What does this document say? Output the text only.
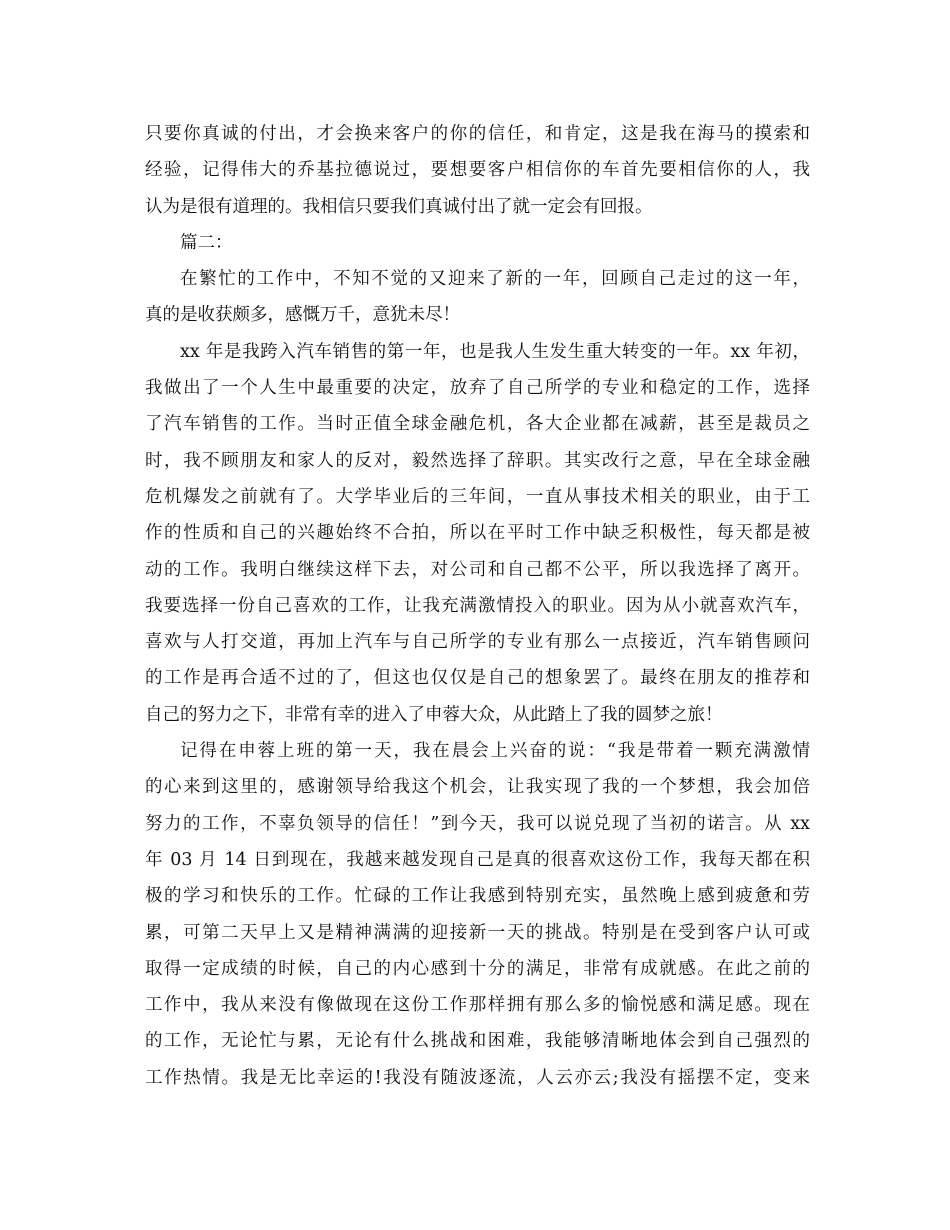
只要你真诚的付出，才会换来客户的你的信任，和肯定，这是我在海马的摸索和
经验，记得伟大的乔基拉德说过，要想要客户相信你的车首先要相信你的人，我
认为是很有道理的。我相信只要我们真诚付出了就一定会有回报。
篇二：
在繁忙的工作中，不知不觉的又迎来了新的一年，回顾自己走过的这一年，
真的是收获颇多，感慨万千，意犹未尽！
xx 年是我跨入汽车销售的第一年，也是我人生发生重大转变的一年。xx 年初，
我做出了一个人生中最重要的决定，放弃了自己所学的专业和稳定的工作，选择
了汽车销售的工作。当时正值全球金融危机，各大企业都在减薪，甚至是裁员之
时，我不顾朋友和家人的反对，毅然选择了辞职。其实改行之意，早在全球金融
危机爆发之前就有了。大学毕业后的三年间，一直从事技术相关的职业，由于工
作的性质和自己的兴趣始终不合拍，所以在平时工作中缺乏积极性，每天都是被
动的工作。我明白继续这样下去，对公司和自己都不公平，所以我选择了离开。
我要选择一份自己喜欢的工作，让我充满激情投入的职业。因为从小就喜欢汽车，
喜欢与人打交道，再加上汽车与自己所学的专业有那么一点接近，汽车销售顾问
的工作是再合适不过的了，但这也仅仅是自己的想象罢了。最终在朋友的推荐和
自己的努力之下，非常有幸的进入了申蓉大众，从此踏上了我的圆梦之旅！
记得在申蓉上班的第一天，我在晨会上兴奋的说：“我是带着一颗充满激情
的心来到这里的，感谢领导给我这个机会，让我实现了我的一个梦想，我会加倍
努力的工作，不辜负领导的信任！”到今天，我可以说兑现了当初的诺言。从 xx
年 03 月 14 日到现在，我越来越发现自己是真的很喜欢这份工作，我每天都在积
极的学习和快乐的工作。忙碌的工作让我感到特别充实，虽然晚上感到疲惫和劳
累，可第二天早上又是精神满满的迎接新一天的挑战。特别是在受到客户认可或
取得一定成绩的时候，自己的内心感到十分的满足，非常有成就感。在此之前的
工作中，我从来没有像做现在这份工作那样拥有那么多的愉悦感和满足感。现在
的工作，无论忙与累，无论有什么挑战和困难，我能够清晰地体会到自己强烈的
工作热情。我是无比幸运的!我没有随波逐流，人云亦云;我没有摇摆不定，变来
